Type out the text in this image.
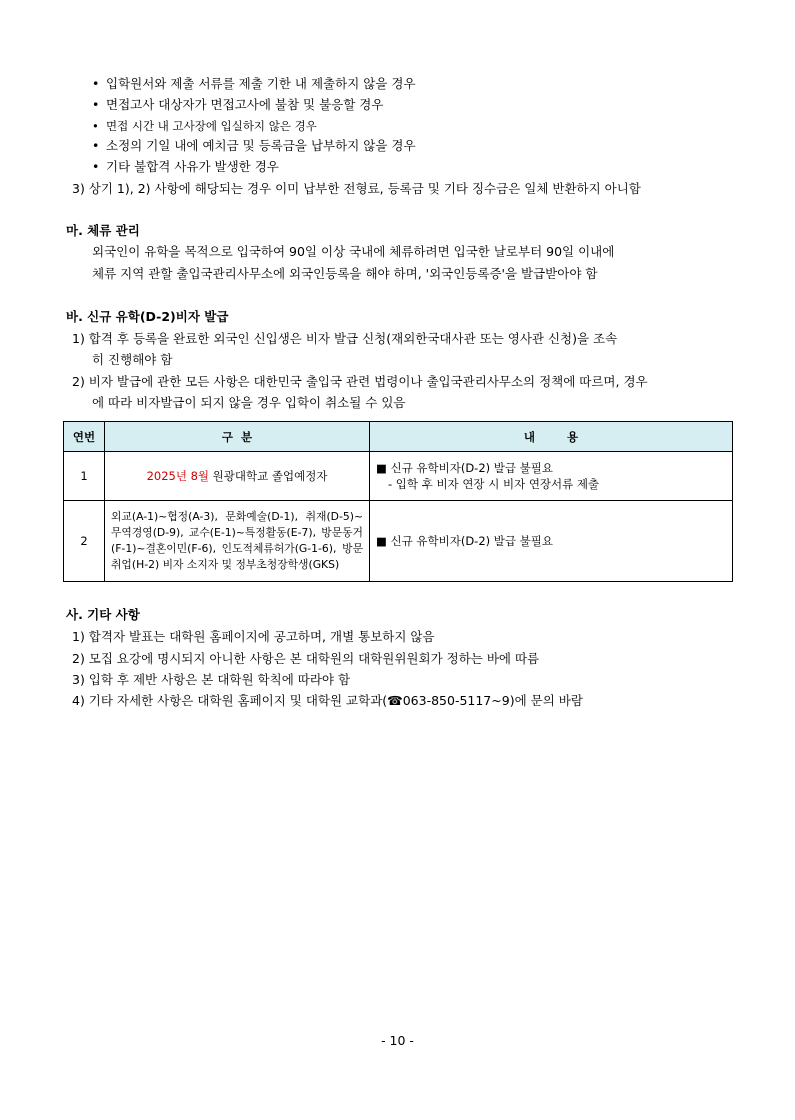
• 입학원서와 제출 서류를 제출 기한 내 제출하지 않을 경우
• 면접고사 대상자가 면접고사에 불참 및 불응할 경우
• 면접 시간 내 고사장에 입실하지 않은 경우
• 소정의 기일 내에 예치금 및 등록금을 납부하지 않을 경우
• 기타 불합격 사유가 발생한 경우
3) 상기 1), 2) 사항에 해당되는 경우 이미 납부한 전형료, 등록금 및 기타 징수금은 일체 반환하지 아니함
마. 체류 관리
외국인이 유학을 목적으로 입국하여 90일 이상 국내에 체류하려면 입국한 날로부터 90일 이내에
체류 지역 관할 출입국관리사무소에 외국인등록을 해야 하며, '외국인등록증'을 발급받아야 함
바. 신규 유학(D-2)비자 발급
1) 합격 후 등록을 완료한 외국인 신입생은 비자 발급 신청(재외한국대사관 또는 영사관 신청)을 조속
히 진행해야 함
2) 비자 발급에 관한 모든 사항은 대한민국 출입국 관련 법령이나 출입국관리사무소의 정책에 따르며, 경우
에 따라 비자발급이 되지 않을 경우 입학이 취소될 수 있음
연번	구  분	내        용
1	2025년 8월 원광대학교 졸업예정자	■ 신규 유학비자(D-2) 발급 불필요
- 입학 후 비자 연장 시 비자 연장서류 제출

2	외교(A-1)~협정(A-3), 문화예술(D-1), 취재(D-5)~무역경영(D-9), 교수(E-1)~특정활동(E-7), 방문동거(F-1)~결혼이민(F-6), 인도적체류허가(G-1-6), 방문취업(H-2) 비자 소지자 및 정부초청장학생(GKS)	■ 신규 유학비자(D-2) 발급 불필요
사. 기타 사항
1) 합격자 발표는 대학원 홈페이지에 공고하며, 개별 통보하지 않음
2) 모집 요강에 명시되지 아니한 사항은 본 대학원의 대학원위원회가 정하는 바에 따름
3) 입학 후 제반 사항은 본 대학원 학칙에 따라야 함
4) 기타 자세한 사항은 대학원 홈페이지 및 대학원 교학과(☎063-850-5117~9)에 문의 바람
- 10 -
